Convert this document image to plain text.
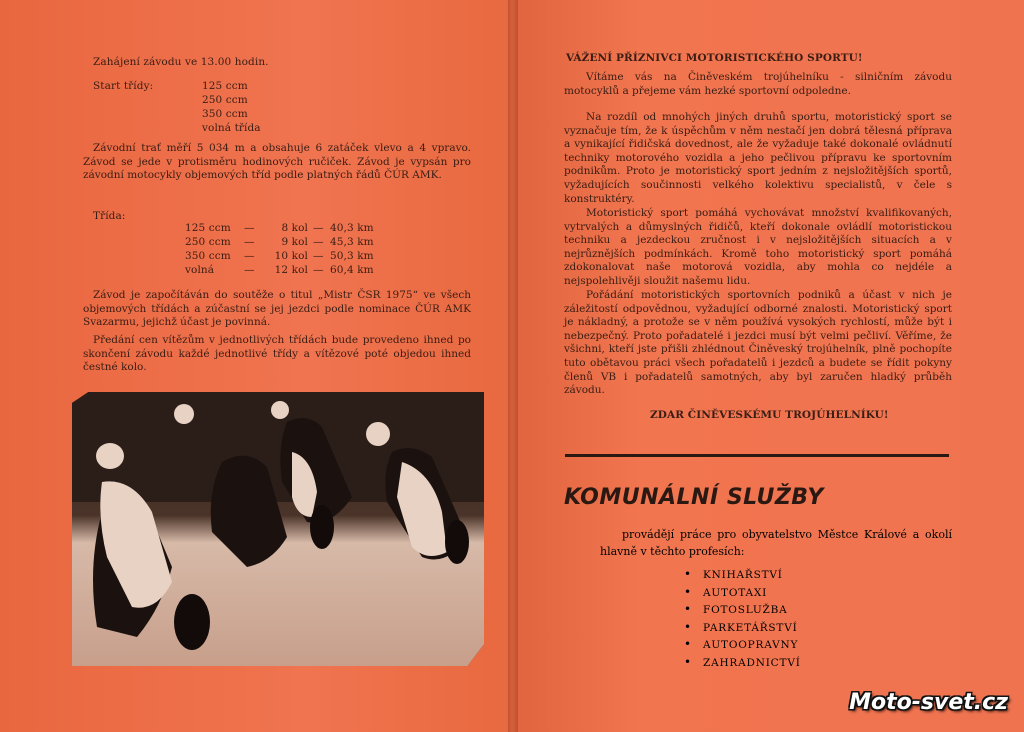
Zahájení závodu ve 13.00 hodin.
Start třídy:	125 ccm
250 ccm
350 ccm
volná třída

Závodní trať měří 5 034 m a obsahuje 6 zatáček vlevo a 4 vpravo. Závod se jede v protisměru hodinových ručiček. Závod je vypsán pro závodní motocykly objemových tříd podle platných řádů ČÚR AMK.

Třída:
125 ccm —	8 kol — 40,3 km
250 ccm —	9 kol — 45,3 km
350 ccm —	10 kol — 50,3 km
volná	—	12 kol — 60,4 km

Závod je započítáván do soutěže o titul „Mistr ČSR 1975“ ve všech objemových třídách a zúčastní se jej jezdci podle nominace ČÚR AMK Svazarmu, jejichž účast je povinná.

Předání cen vítězům v jednotlivých třídách bude provedeno ihned po skončení závodu každé jednotlivé třídy a vítězové poté objedou ihned čestné kolo.

VÁŽENÍ PŘÍZNIVCI MOTORISTICKÉHO SPORTU!

Vítáme vás na Činěveském trojúhelníku - silničním závodu motocyklů a přejeme vám hezké sportovní odpoledne.

Na rozdíl od mnohých jiných druhů sportu, motoristický sport se vyznačuje tím, že k úspěchům v něm nestačí jen dobrá tělesná příprava a vynikající řidičská dovednost, ale že vyžaduje také dokonalé ovládnutí techniky motorového vozidla a jeho pečlivou přípravu ke sportovním podnikům. Proto je motoristický sport jedním z nejsložitějších sportů, vyžadujících součinnosti velkého kolektivu specialistů, v čele s konstruktéry.

Motoristický sport pomáhá vychovávat množství kvalifikovaných, vytrvalých a důmyslných řidičů, kteří dokonale ovládlí motoristickou techniku a jezdeckou zručnost i v nejsložitějších situacích a v nejrůznějších podmínkách. Kromě toho motoristický sport pomáhá zdokonalovat naše motorová vozidla, aby mohla co nejdéle a nejspolehlivěji sloužit našemu lidu.

Pořádání motoristických sportovních podniků a účast v nich je záležitostí odpovědnou, vyžadující odborné znalosti. Motoristický sport je nákladný, a protože se v něm používá vysokých rychlostí, může být i nebezpečný. Proto pořadatelé i jezdci musí být velmi pečliví. Věříme, že všichni, kteří jste přišli zhlédnout Činěveský trojúhelník, plně pochopíte tuto obětavou práci všech pořadatelů i jezdců a budete se řídit pokyny členů VB i pořadatelů samotných, aby byl zaručen hladký průběh závodu.

ZDAR ČINĚVESKÉMU TROJÚHELNÍKU!
KOMUNÁLNÍ SLUŽBY

provádějí práce pro obyvatelstvo Městce Králové a okolí hlavně v těchto profesích:

• KNIHAŘSTVÍ
• AUTOTAXI
• FOTOSLUŽBA
• PARKETÁŘSTVÍ
• AUTOOPRAVNY
• ZAHRADNICTVÍ
Moto-svet.cz
